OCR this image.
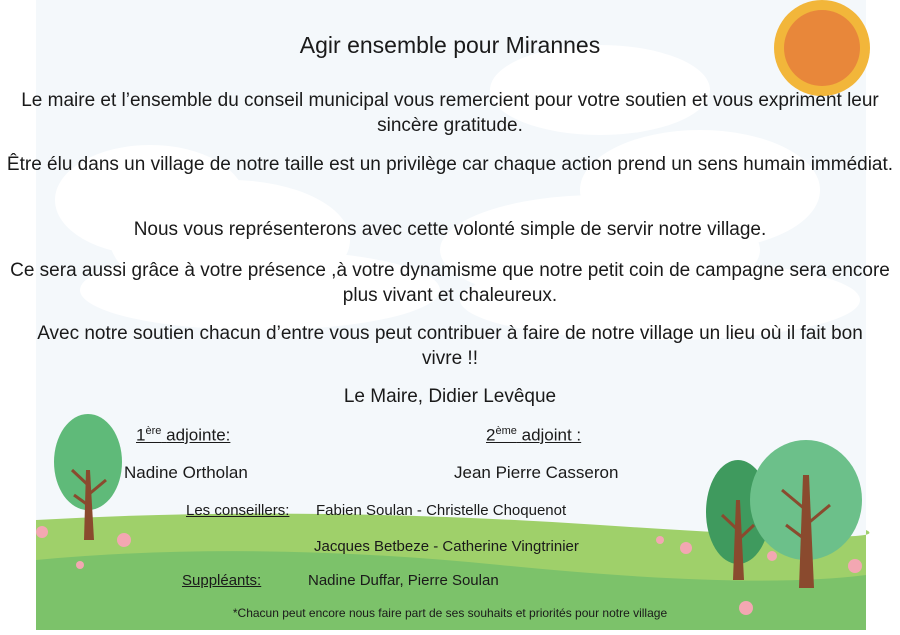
Agir ensemble pour Mirannes
Le maire et l’ensemble du conseil municipal vous remercient pour votre soutien et vous expriment leur sincère gratitude.
Être élu dans un village de notre taille est un privilège car chaque action prend un sens humain immédiat.
Nous vous représenterons avec cette volonté simple de servir notre village.
Ce sera aussi grâce à votre présence ,à votre dynamisme que notre petit coin de campagne sera encore plus vivant et chaleureux.
Avec notre soutien chacun d’entre vous peut contribuer à faire de notre village un lieu où il fait bon vivre !!
Le Maire, Didier Levêque
1ère adjointe:
Nadine Ortholan
2ème adjoint :
Jean Pierre Casseron
Les conseillers: Fabien Soulan - Christelle Choquenot
Jacques Betbeze - Catherine Vingtrinier
Suppléants:	Nadine Duffar, Pierre Soulan
*Chacun peut encore nous faire part de ses souhaits et priorités pour notre village
